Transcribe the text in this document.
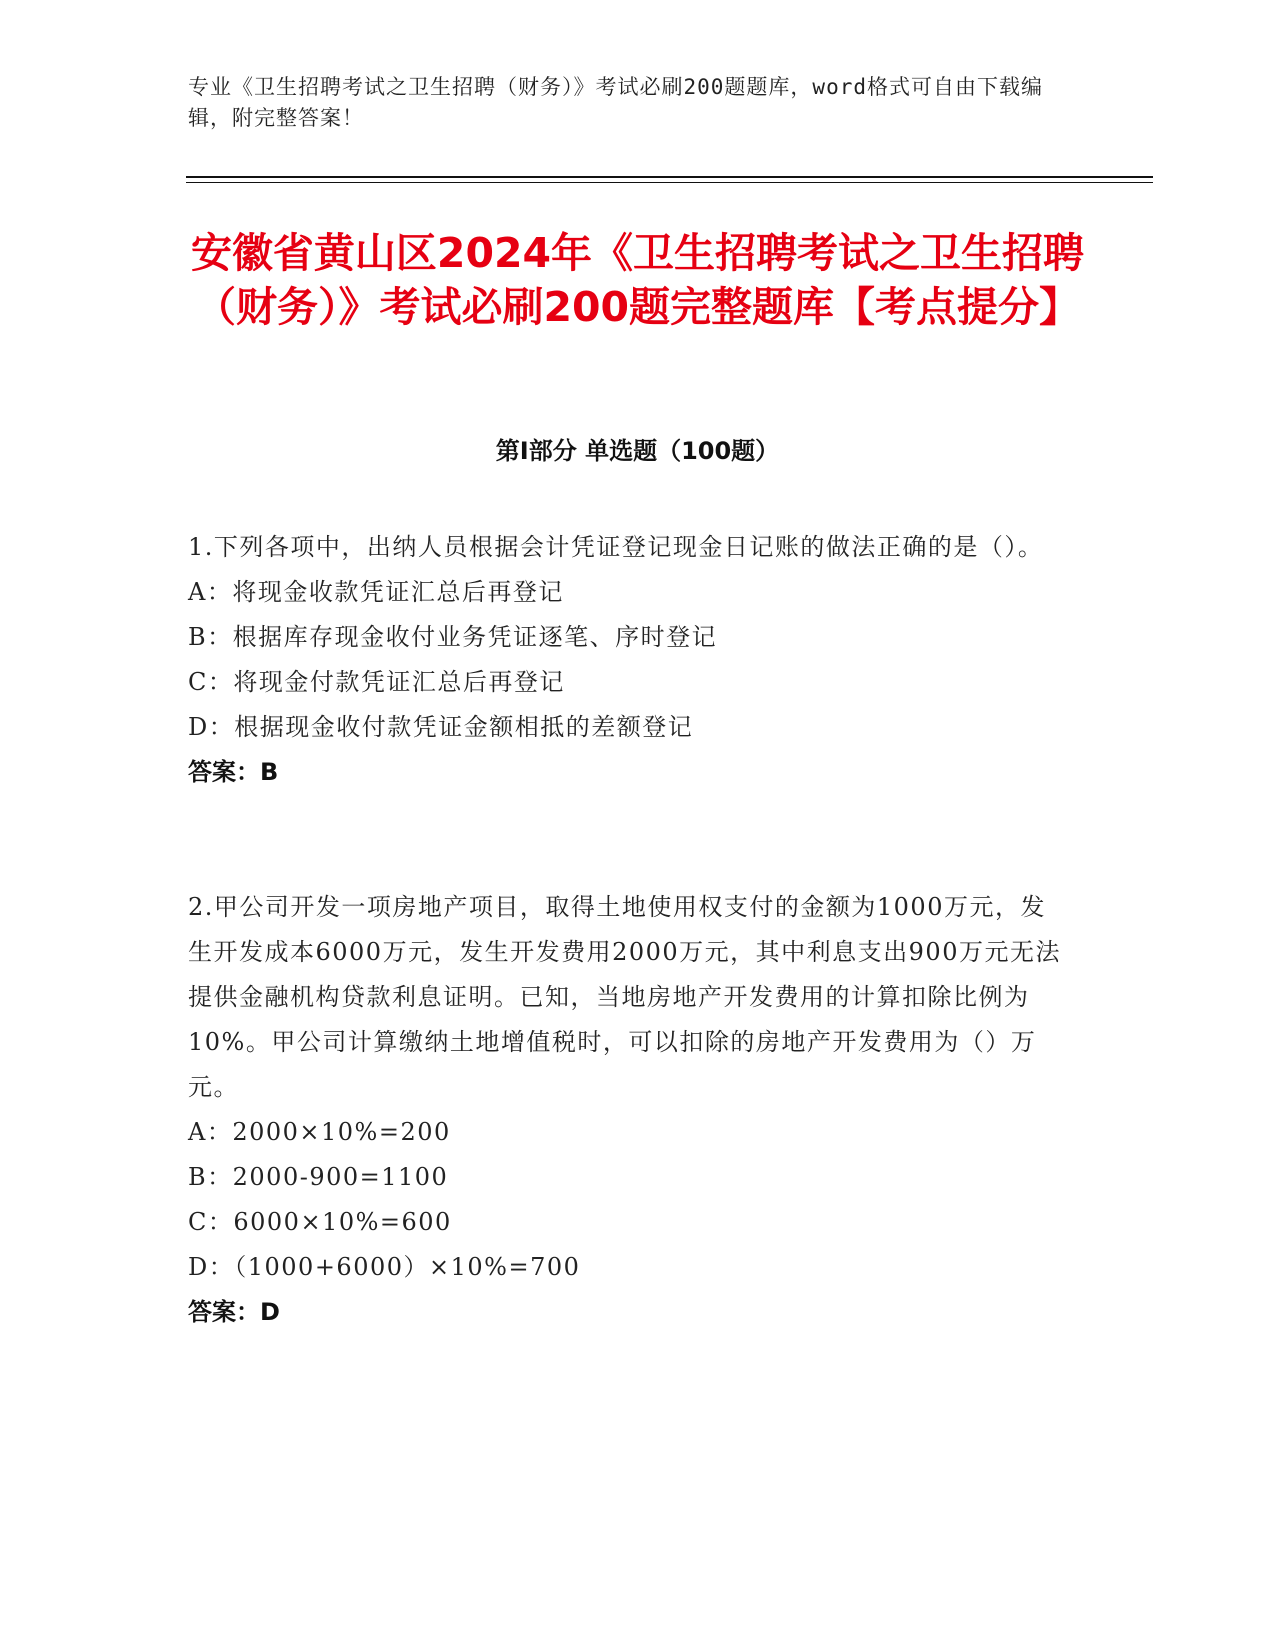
专业《卫生招聘考试之卫生招聘（财务）》考试必刷200题题库，word格式可自由下载编辑，附完整答案！
安徽省黄山区2024年《卫生招聘考试之卫生招聘（财务）》考试必刷200题完整题库【考点提分】
第Ⅰ部分 单选题（100题）
1.下列各项中，出纳人员根据会计凭证登记现金日记账的做法正确的是（）。
A：将现金收款凭证汇总后再登记
B：根据库存现金收付业务凭证逐笔、序时登记
C：将现金付款凭证汇总后再登记
D：根据现金收付款凭证金额相抵的差额登记
答案：B
2.甲公司开发一项房地产项目，取得土地使用权支付的金额为1000万元，发生开发成本6000万元，发生开发费用2000万元，其中利息支出900万元无法提供金融机构贷款利息证明。已知，当地房地产开发费用的计算扣除比例为10%。甲公司计算缴纳土地增值税时，可以扣除的房地产开发费用为（）万元。
A：2000×10%=200
B：2000-900=1100
C：6000×10%=600
D：（1000+6000）×10%=700
答案：D
